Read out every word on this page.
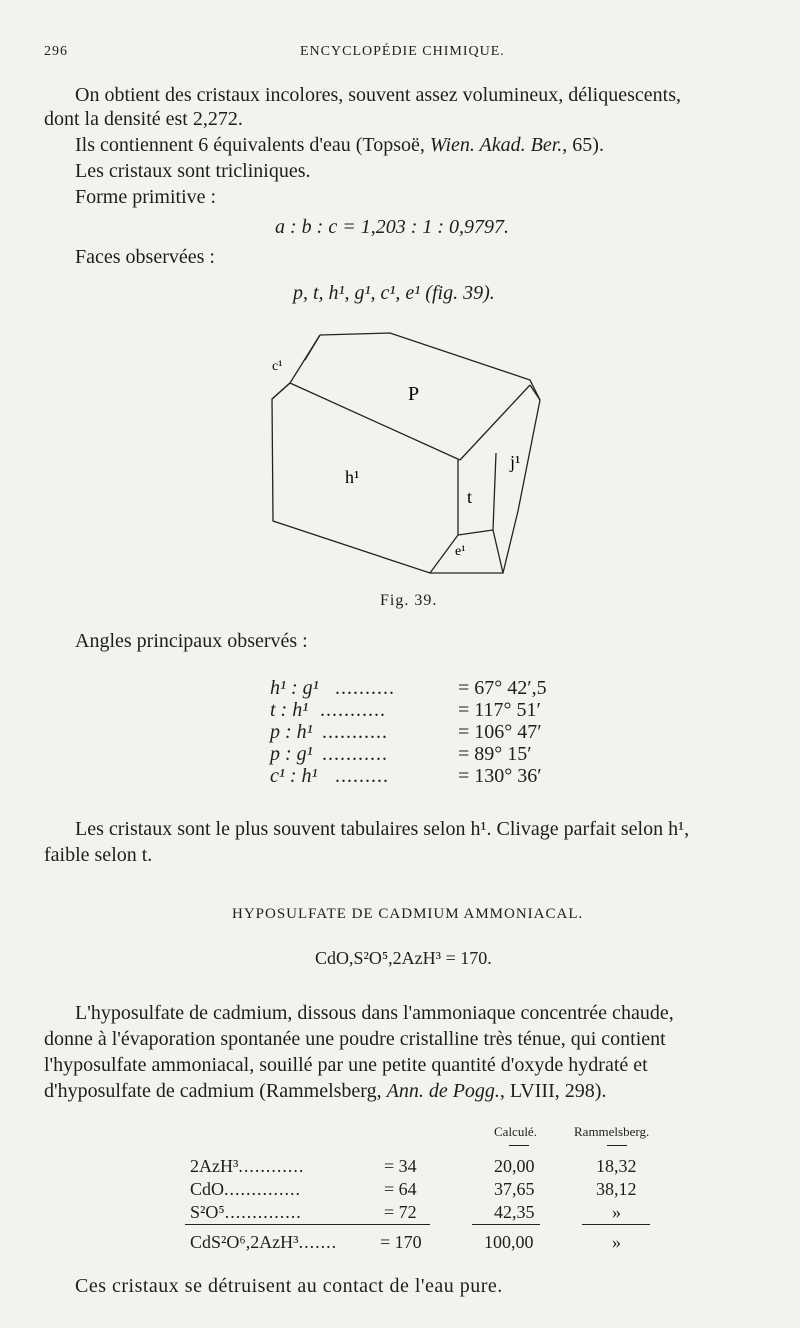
296	ENCYCLOPÉDIE CHIMIQUE.
On obtient des cristaux incolores, souvent assez volumineux, déliquescents,
dont la densité est 2,272.
Ils contiennent 6 équivalents d'eau (Topsoë, Wien. Akad. Ber., 65).
Les cristaux sont tricliniques.
Forme primitive :
a : b : c = 1,203 : 1 : 0,9797.
Faces observées :
p, t, h¹, g¹, c¹, e¹ (fig. 39).
P
h¹
t
j¹
c¹
e¹
Fig. 39.
Angles principaux observés :
h¹ : g¹ ..........	= 67° 42′,5
t : h¹ ...........	= 117° 51′
p : h¹ ...........	= 106° 47′
p : g¹ ...........	= 89° 15′
c¹ : h¹ .........	= 130° 36′
Les cristaux sont le plus souvent tabulaires selon h¹. Clivage parfait selon h¹,
faible selon t.
HYPOSULFATE DE CADMIUM AMMONIACAL.
CdO,S²O⁵,2AzH³ = 170.
L'hyposulfate de cadmium, dissous dans l'ammoniaque concentrée chaude,
donne à l'évaporation spontanée une poudre cristalline très ténue, qui contient
l'hyposulfate ammoniacal, souillé par une petite quantité d'oxyde hydraté et
d'hyposulfate de cadmium (Rammelsberg, Ann. de Pogg., LVIII, 298).
Calculé.	Rammelsberg.
2AzH³............	= 34	20,00	18,32
CdO..............	= 64	37,65	38,12
S²O⁵..............	= 72	42,35	»
CdS²O⁶,2AzH³....... = 170	100,00	»
Ces cristaux se détruisent au contact de l'eau pure.
